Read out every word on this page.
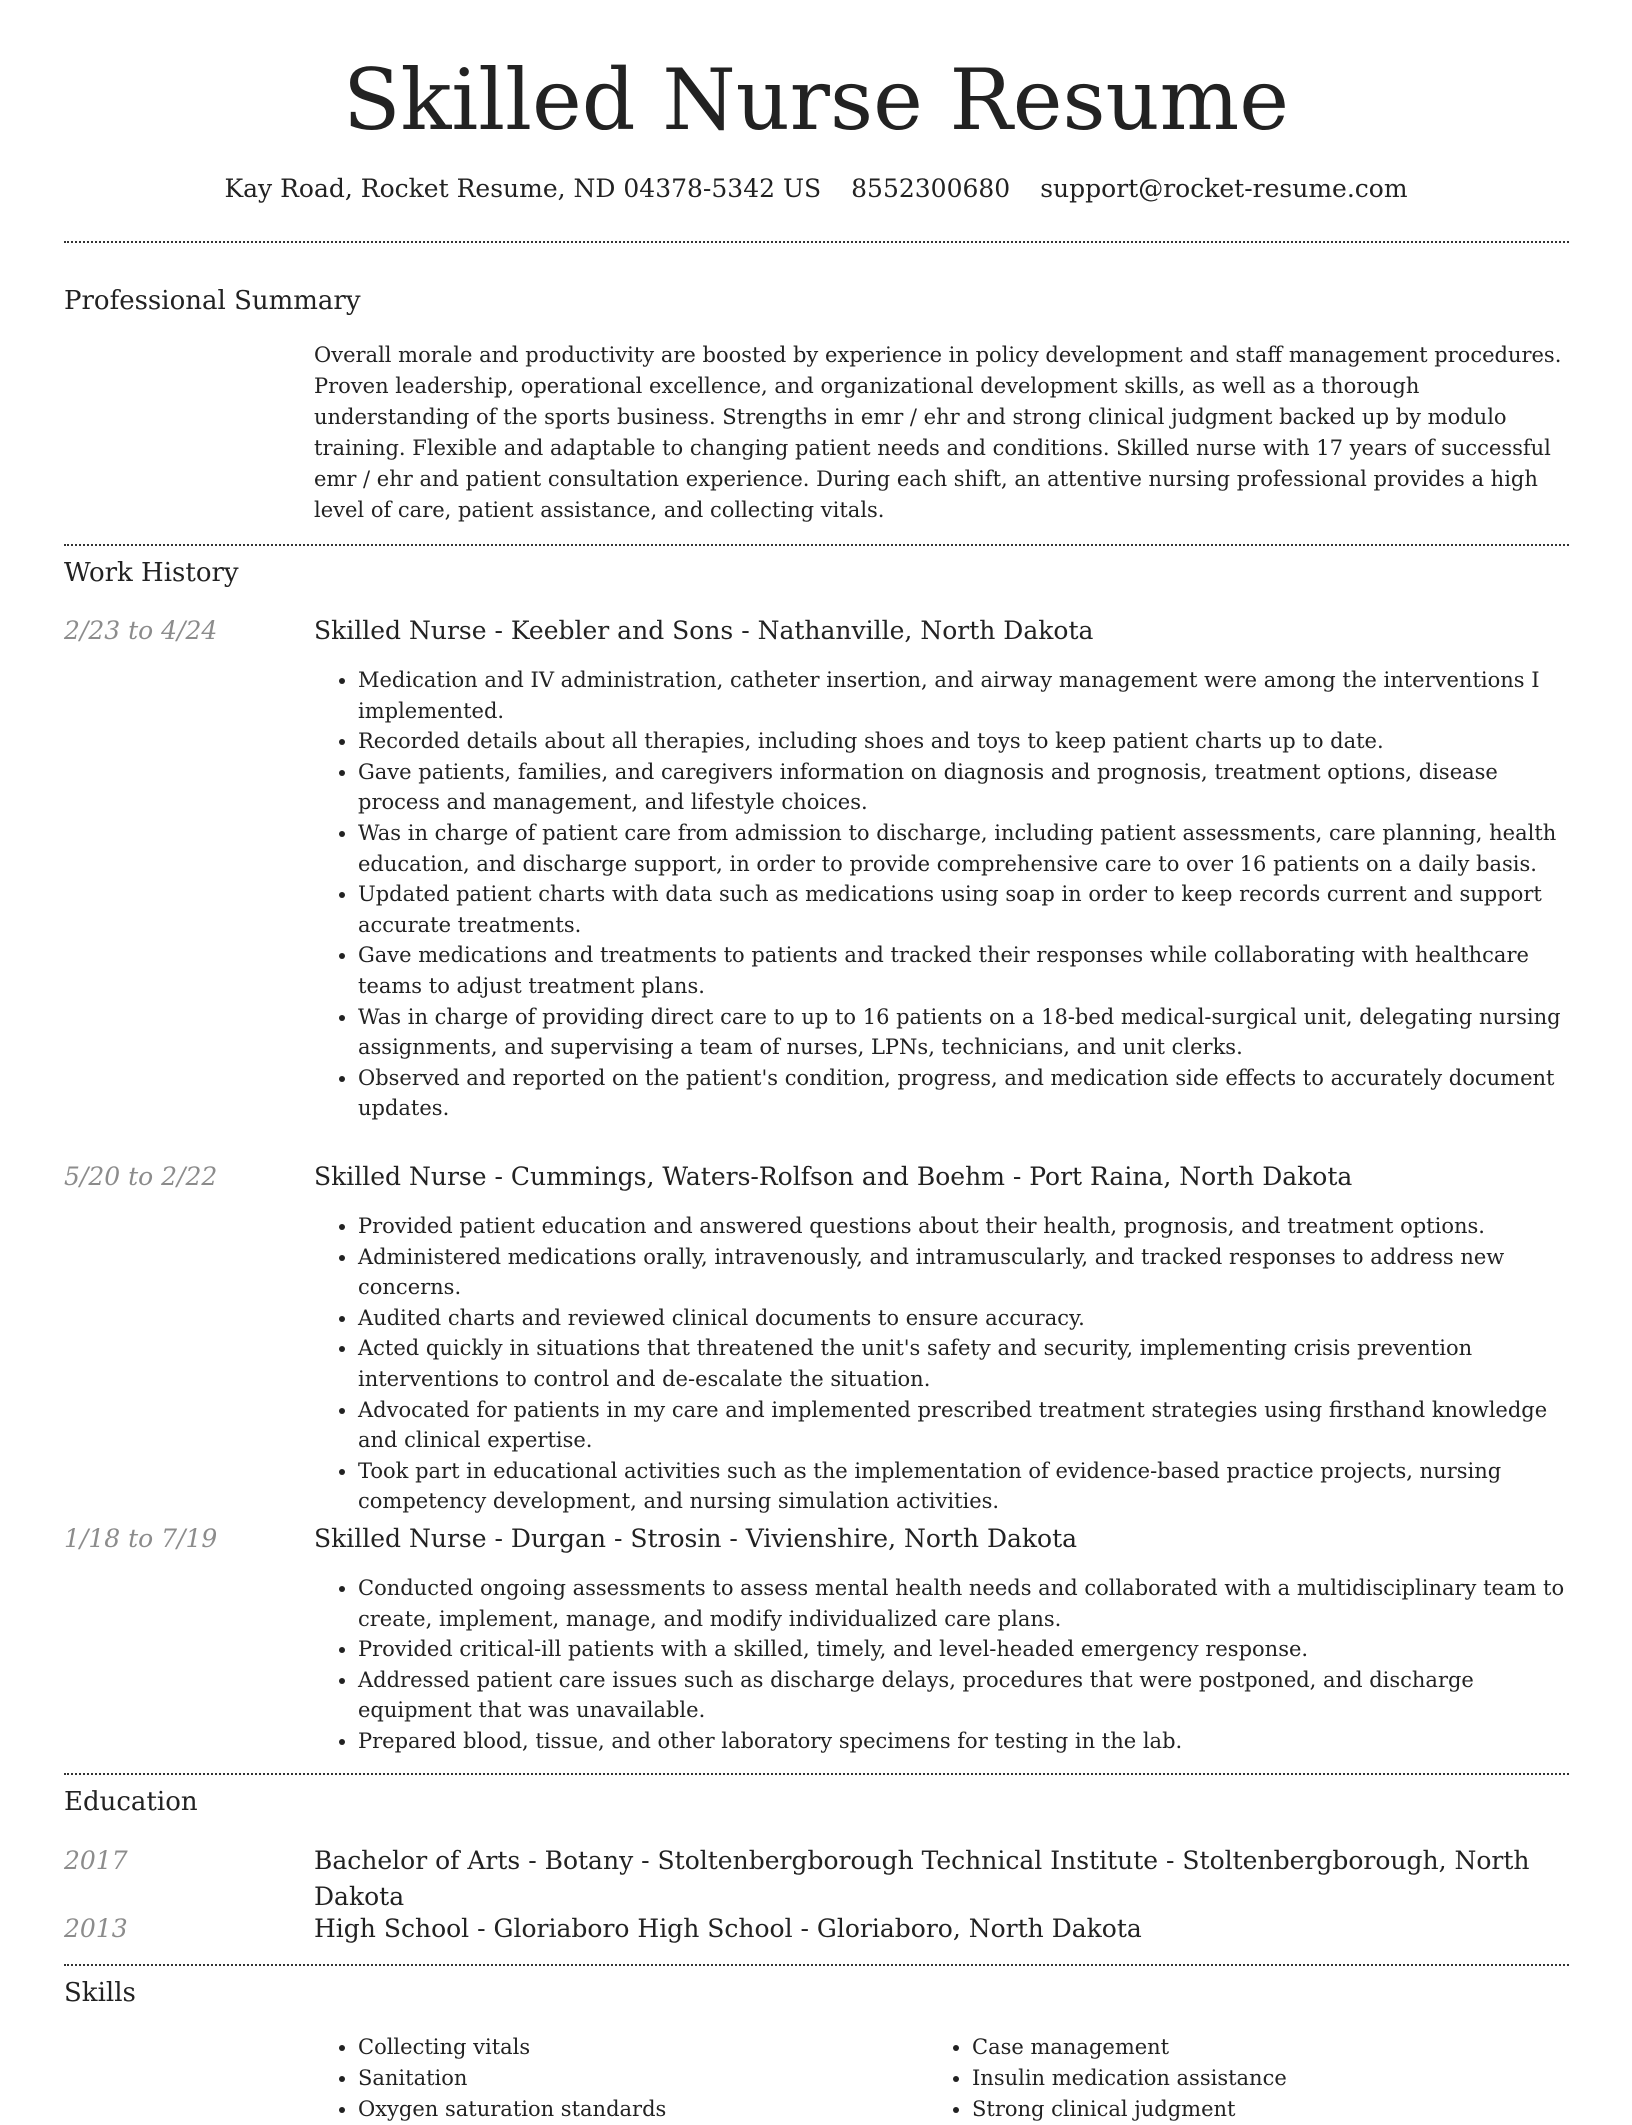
Skilled Nurse Resume
Kay Road, Rocket Resume, ND 04378-5342 US 8552300680 support@rocket-resume.com
Professional Summary
Overall morale and productivity are boosted by experience in policy development and staff management procedures. Proven leadership, operational excellence, and organizational development skills, as well as a thorough understanding of the sports business. Strengths in emr / ehr and strong clinical judgment backed up by modulo training. Flexible and adaptable to changing patient needs and conditions. Skilled nurse with 17 years of successful emr / ehr and patient consultation experience. During each shift, an attentive nursing professional provides a high level of care, patient assistance, and collecting vitals.
Work History
2/23 to 4/24	Skilled Nurse - Keebler and Sons - Nathanville, North Dakota
• Medication and IV administration, catheter insertion, and airway management were among the interventions I implemented.
• Recorded details about all therapies, including shoes and toys to keep patient charts up to date.
• Gave patients, families, and caregivers information on diagnosis and prognosis, treatment options, disease process and management, and lifestyle choices.
• Was in charge of patient care from admission to discharge, including patient assessments, care planning, health education, and discharge support, in order to provide comprehensive care to over 16 patients on a daily basis.
• Updated patient charts with data such as medications using soap in order to keep records current and support accurate treatments.
• Gave medications and treatments to patients and tracked their responses while collaborating with healthcare teams to adjust treatment plans.
• Was in charge of providing direct care to up to 16 patients on a 18-bed medical-surgical unit, delegating nursing assignments, and supervising a team of nurses, LPNs, technicians, and unit clerks.
• Observed and reported on the patient's condition, progress, and medication side effects to accurately document updates.
5/20 to 2/22	Skilled Nurse - Cummings, Waters-Rolfson and Boehm - Port Raina, North Dakota
• Provided patient education and answered questions about their health, prognosis, and treatment options.
• Administered medications orally, intravenously, and intramuscularly, and tracked responses to address new concerns.
• Audited charts and reviewed clinical documents to ensure accuracy.
• Acted quickly in situations that threatened the unit's safety and security, implementing crisis prevention interventions to control and de-escalate the situation.
• Advocated for patients in my care and implemented prescribed treatment strategies using firsthand knowledge and clinical expertise.
• Took part in educational activities such as the implementation of evidence-based practice projects, nursing competency development, and nursing simulation activities.
1/18 to 7/19	Skilled Nurse - Durgan - Strosin - Vivienshire, North Dakota
• Conducted ongoing assessments to assess mental health needs and collaborated with a multidisciplinary team to create, implement, manage, and modify individualized care plans.
• Provided critical-ill patients with a skilled, timely, and level-headed emergency response.
• Addressed patient care issues such as discharge delays, procedures that were postponed, and discharge equipment that was unavailable.
• Prepared blood, tissue, and other laboratory specimens for testing in the lab.
Education
2017	Bachelor of Arts - Botany - Stoltenbergborough Technical Institute - Stoltenbergborough, North Dakota
2013	High School - Gloriaboro High School - Gloriaboro, North Dakota
Skills
• Collecting vitals
• Sanitation
• Oxygen saturation standards
• Case management
• Insulin medication assistance
• Strong clinical judgment
